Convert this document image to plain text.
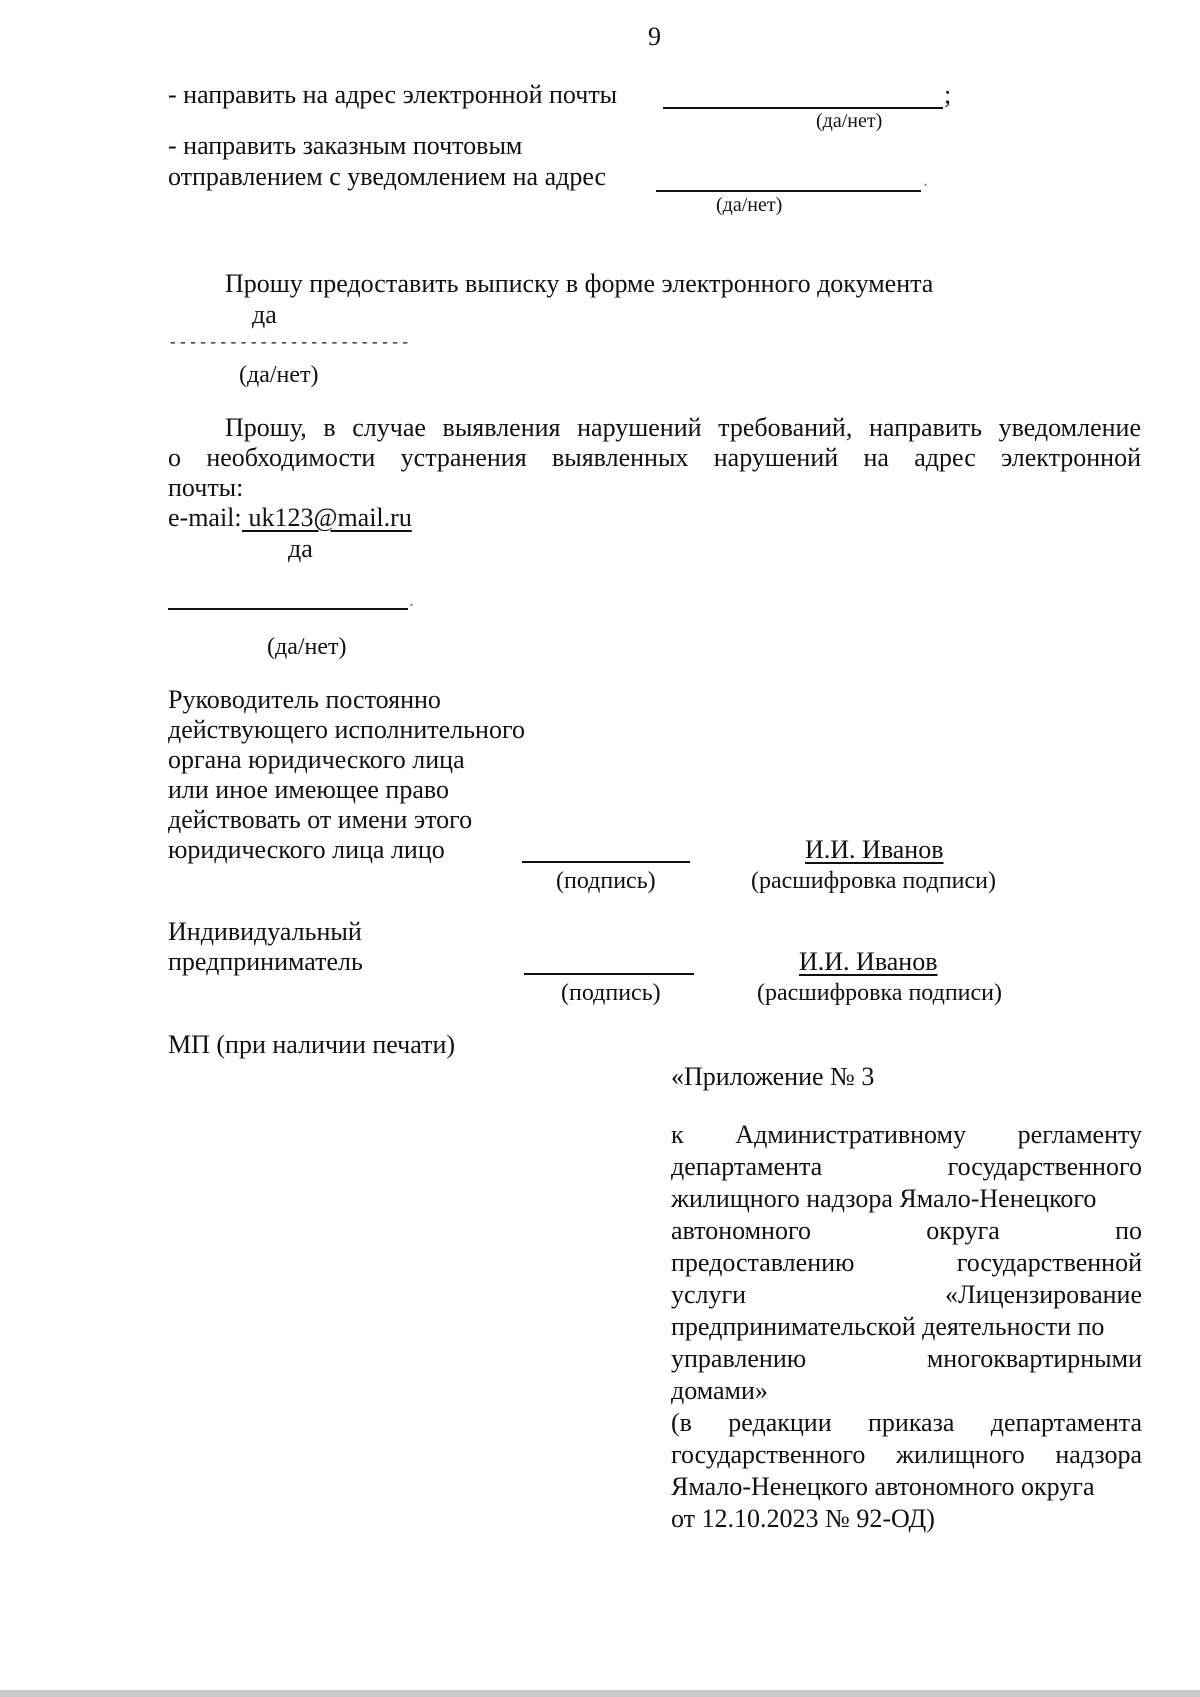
9
- направить на адрес электронной почты	;
(да/нет)
- направить заказным почтовым
отправлением с уведомлением на адрес	.
(да/нет)
Прошу предоставить выписку в форме электронного документа
да
------------------------
(да/нет)
Прошу, в случае выявления нарушений требований, направить уведомление
о необходимости устранения выявленных нарушений на адрес электронной
почты:
e-mail: uk123@mail.ru
да
.
(да/нет)
Руководитель постоянно
действующего исполнительного
органа юридического лица
или иное имеющее право
действовать от имени этого
юридического лица лицо	И.И. Иванов
(подпись)	(расшифровка подписи)
Индивидуальный
предприниматель	И.И. Иванов
(подпись)	(расшифровка подписи)
МП (при наличии печати)
«Приложение № 3
к Административному регламенту
департамента государственного
жилищного надзора Ямало-Ненецкого
автономного округа по
предоставлению государственной
услуги «Лицензирование
предпринимательской деятельности по
управлению многоквартирными
домами»
(в редакции приказа департамента
государственного жилищного надзора
Ямало-Ненецкого автономного округа
от 12.10.2023 № 92-ОД)
